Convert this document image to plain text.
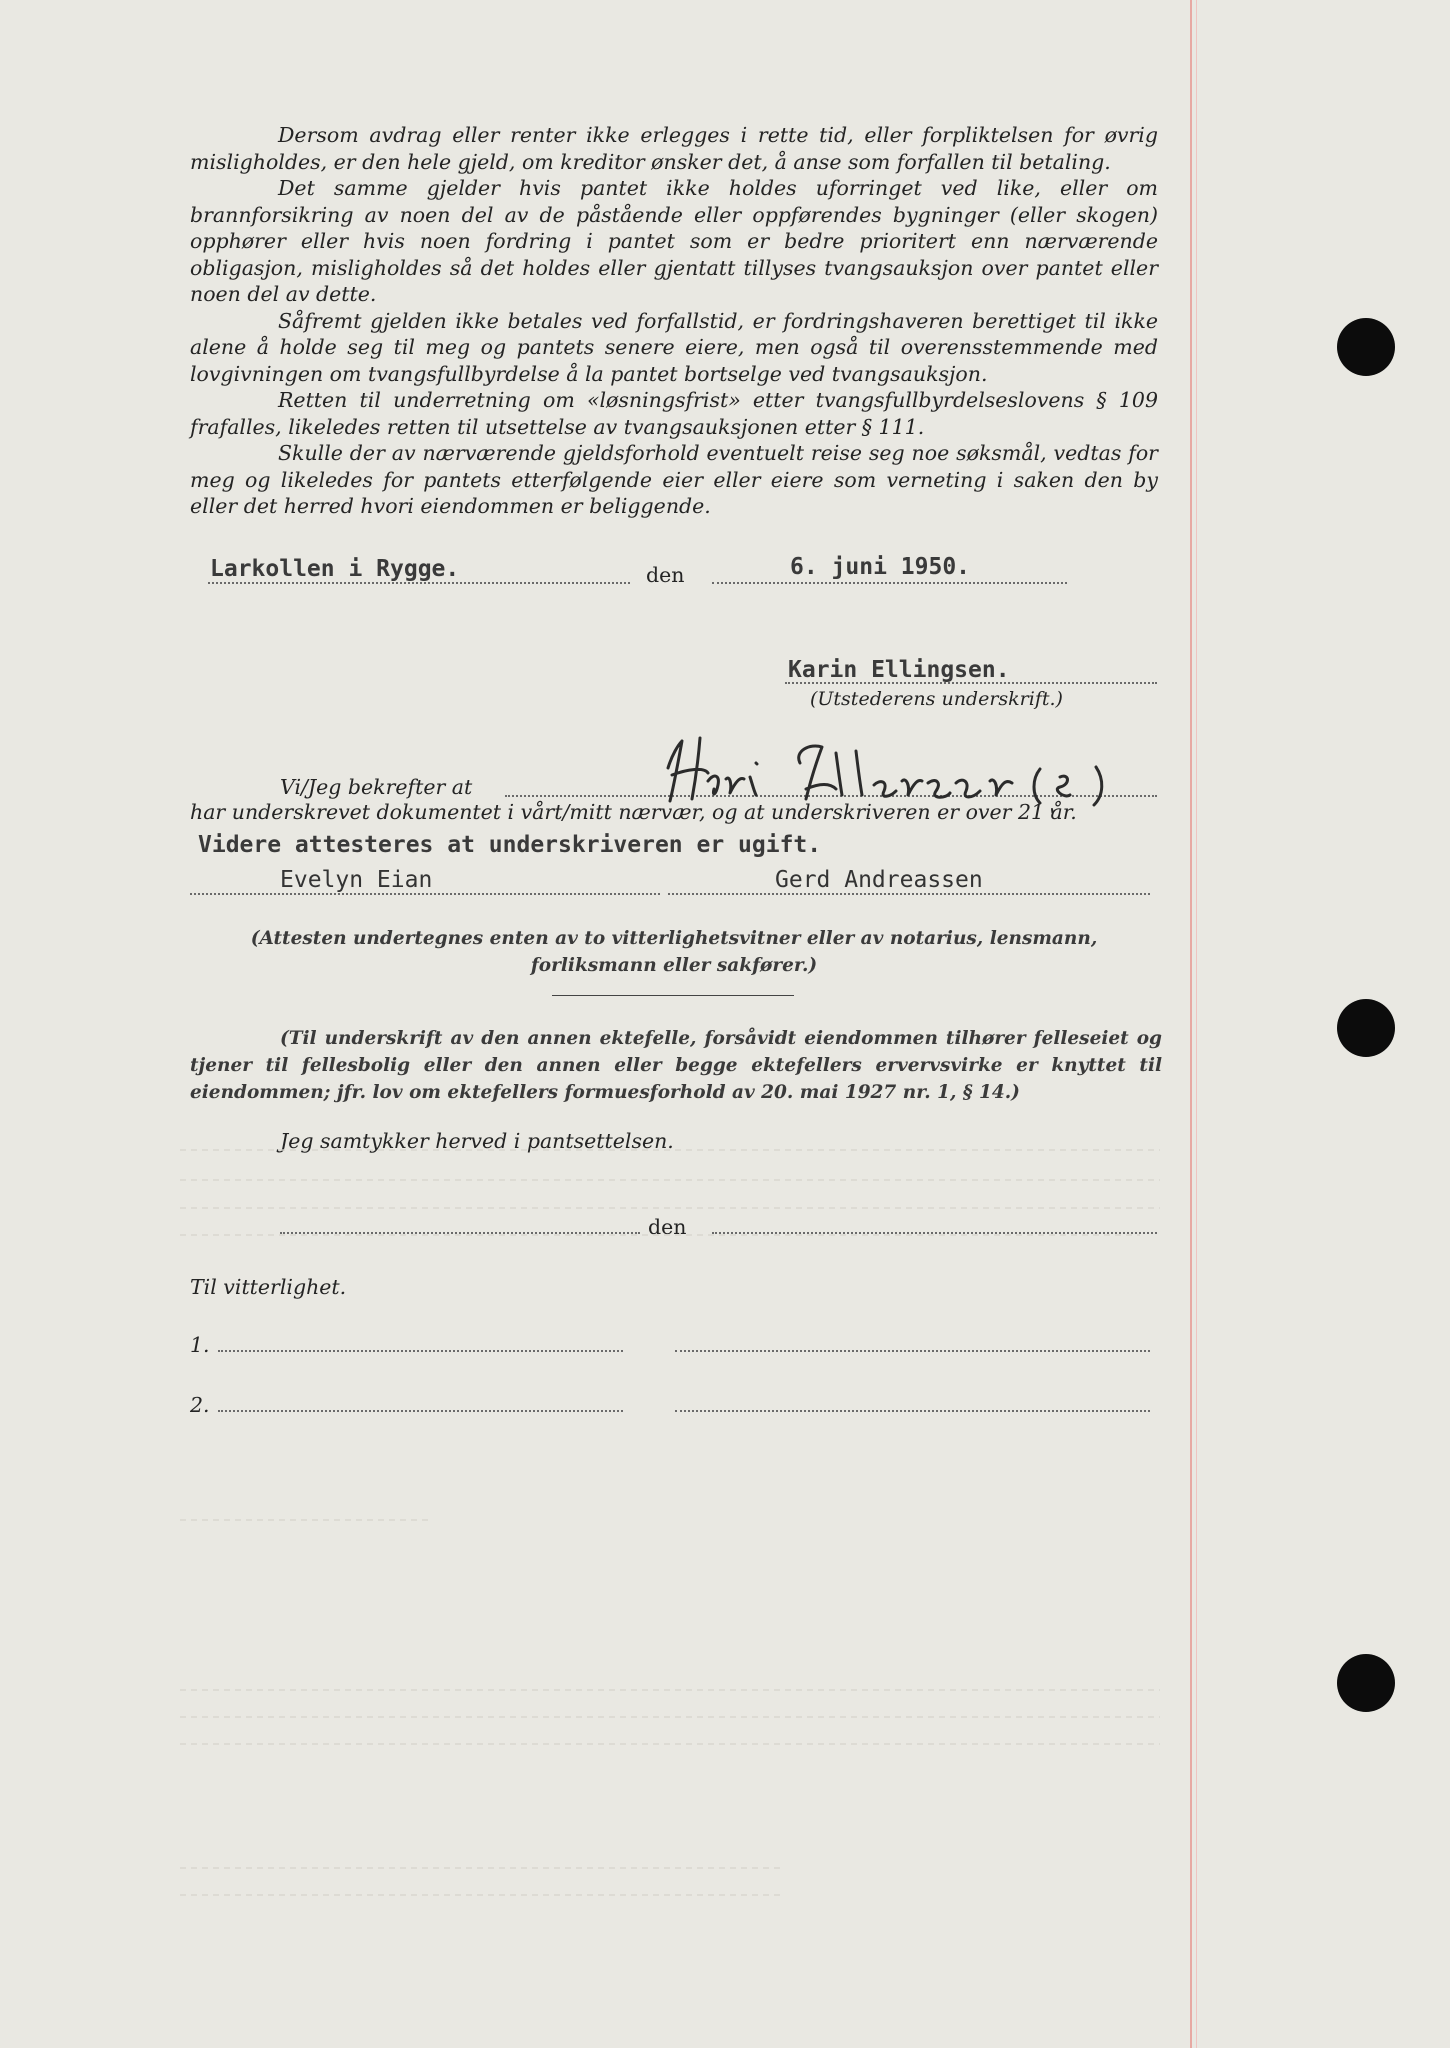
Dersom avdrag eller renter ikke erlegges i rette tid, eller forpliktelsen for øvrig misligholdes, er den hele gjeld, om kreditor ønsker det, å anse som forfallen til betaling.

Det samme gjelder hvis pantet ikke holdes uforringet ved like, eller om brannforsikring av noen del av de påstående eller oppførendes bygninger (eller skogen) opphører eller hvis noen fordring i pantet som er bedre prioritert enn nærværende obligasjon, misligholdes så det holdes eller gjentatt tillyses tvangsauksjon over pantet eller noen del av dette.

Såfremt gjelden ikke betales ved forfallstid, er fordringshaveren berettiget til ikke alene å holde seg til meg og pantets senere eiere, men også til overensstemmende med lovgivningen om tvangsfullbyrdelse å la pantet bortselge ved tvangsauksjon.

Retten til underretning om «løsningsfrist» etter tvangsfullbyrdelseslovens § 109 frafalles, likeledes retten til utsettelse av tvangsauksjonen etter § 111.

Skulle der av nærværende gjeldsforhold eventuelt reise seg noe søksmål, vedtas for meg og likeledes for pantets etterfølgende eier eller eiere som verneting i saken den by eller det herred hvori eiendommen er beliggende.

Larkollen i Rygge.	den	6. juni 1950.
Karin Ellingsen.
(Utstederens underskrift.)
Vi/Jeg bekrefter at
har underskrevet dokumentet i vårt/mitt nærvær, og at underskriveren er over 21 år.
Videre attesteres at underskriveren er ugift.
Evelyn Eian	Gerd Andreassen
(Attesten undertegnes enten av to vitterlighetsvitner eller av notarius, lensmann, forliksmann eller sakfører.)
(Til underskrift av den annen ektefelle, forsåvidt eiendommen tilhører felleseiet og tjener til fellesbolig eller den annen eller begge ektefellers ervervsvirke er knyttet til eiendommen; jfr. lov om ektefellers formuesforhold av 20. mai 1927 nr. 1, § 14.)
Jeg samtykker herved i pantsettelsen.
den
Til vitterlighet.
1.
2.
